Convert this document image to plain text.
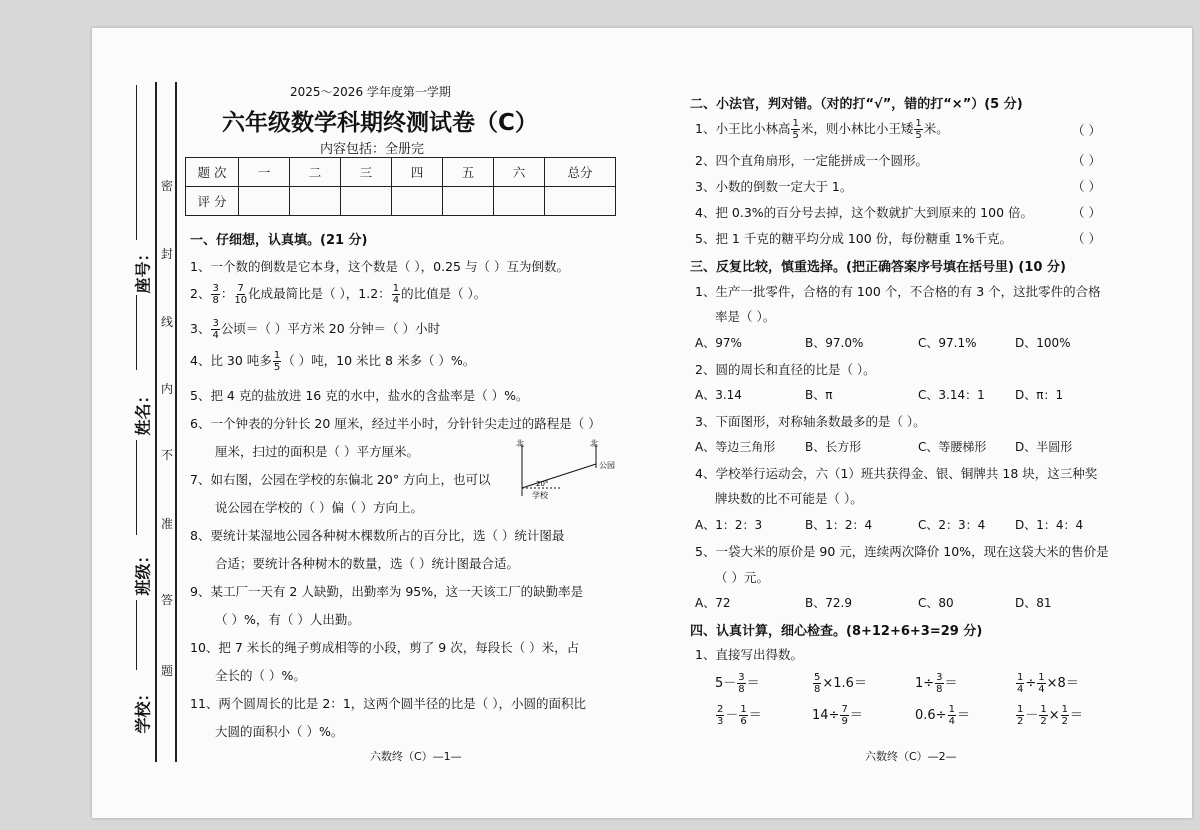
密
封
线
内
不
准
答
题
座号：
姓名：
班级：
学校：
2025～2026 学年度第一学期
六年级数学科期终测试卷（C）
内容包括：全册完
题 次	一	二	三	四	五	六	总分
评 分							
一、仔细想，认真填。(21 分)
1、一个数的倒数是它本身，这个数是（ ），0.25 与（ ）互为倒数。
2、 $\frac{3}{8}$ ： $\frac{7}{10}$ 化成最简比是（ ），1.2： $\frac{1}{4}$ 的比值是（ ）。
3、 $\frac{3}{4}$ 公顷＝（ ）平方米 20 分钟＝（ ）小时
4、比 30 吨多 $\frac{1}{5}$ （ ）吨，10 米比 8 米多（ ）%。
5、把 4 克的盐放进 16 克的水中，盐水的含盐率是（ ）%。
6、一个钟表的分针长 20 厘米，经过半小时，分针针尖走过的路程是（ ）
厘米，扫过的面积是（ ）平方厘米。
7、如右图，公园在学校的东偏北 20° 方向上，也可以
说公园在学校的（ ）偏（ ）方向上。
北	北
公园
学校
20°
8、要统计某湿地公园各种树木棵数所占的百分比，选（ ）统计图最
合适；要统计各种树木的数量，选（ ）统计图最合适。
9、某工厂一天有 2 人缺勤，出勤率为 95%，这一天该工厂的缺勤率是
（ ）%，有（ ）人出勤。
10、把 7 米长的绳子剪成相等的小段，剪了 9 次，每段长（ ）米，占
全长的（ ）%。
11、两个圆周长的比是 2：1，这两个圆半径的比是（ ），小圆的面积比
大圆的面积小（ ）%。
六数终（C）—1—
二、小法官，判对错。（对的打“√”，错的打“×”）(5 分)
1、小王比小林高 $\frac{1}{5}$ 米，则小林比小王矮 $\frac{1}{5}$ 米。
2、四个直角扇形，一定能拼成一个圆形。
3、小数的倒数一定大于 1。
4、把 0.3%的百分号去掉，这个数就扩大到原来的 100 倍。
5、把 1 千克的糖平均分成 100 份，每份糖重 1%千克。
（ ）
（ ）
（ ）
（ ）
（ ）
三、反复比较，慎重选择。(把正确答案序号填在括号里) (10 分)
1、生产一批零件，合格的有 100 个，不合格的有 3 个，这批零件的合格
率是（ ）。
A、97%	B、97.0%	C、97.1%	D、100%
2、圆的周长和直径的比是（ ）。
A、3.14	B、π	C、3.14：1	D、π：1
3、下面图形，对称轴条数最多的是（ ）。
A、等边三角形 B、长方形	C、等腰梯形 D、半圆形
4、学校举行运动会，六（1）班共获得金、银、铜牌共 18 块，这三种奖
牌块数的比不可能是（ ）。
A、1：2：3	B、1：2：4	C、2：3：4 D、1：4：4
5、一袋大米的原价是 90 元，连续两次降价 10%，现在这袋大米的售价是
（ ）元。
A、72	B、72.9	C、80	D、81
四、认真计算，细心检查。(8+12+6+3=29 分)
1、直接写出得数。
$5- \frac{3}{8}$ ＝	$\frac{5}{8} \times 1.6=$	$1\div \frac{3}{8}$ ＝	$\frac{1}{4} \div \frac{1}{4} \times 8=$
$\frac{2}{3} - \frac{1}{6}$ ＝	$14\div \frac{7}{9}$ ＝	$0.6\div \frac{1}{4}$ ＝	$\frac{1}{2} - \frac{1}{2} \times \frac{1}{2}$ ＝
六数终（C）—2—
